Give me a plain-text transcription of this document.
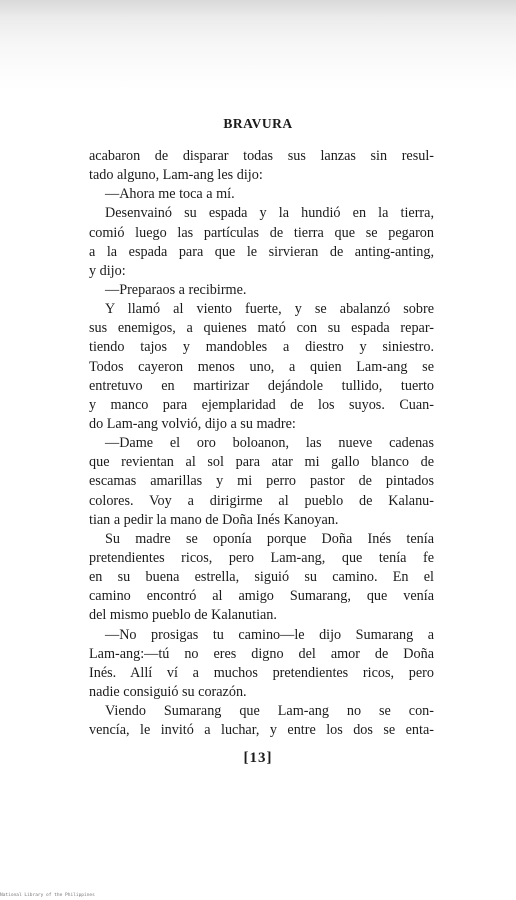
BRAVURA
acabaron de disparar todas sus lanzas sin resul-
tado alguno, Lam-ang les dijo:
—Ahora me toca a mí.
Desenvainó su espada y la hundió en la tierra,
comió luego las partículas de tierra que se pegaron
a la espada para que le sirvieran de anting-anting,
y dijo:
—Preparaos a recibirme.
Y llamó al viento fuerte, y se abalanzó sobre
sus enemigos, a quienes mató con su espada repar-
tiendo tajos y mandobles a diestro y siniestro.
Todos cayeron menos uno, a quien Lam-ang se
entretuvo en martirizar dejándole tullido, tuerto
y manco para ejemplaridad de los suyos. Cuan-
do Lam-ang volvió, dijo a su madre:
—Dame el oro boloanon, las nueve cadenas
que revientan al sol para atar mi gallo blanco de
escamas amarillas y mi perro pastor de pintados
colores. Voy a dirigirme al pueblo de Kalanu-
tian a pedir la mano de Doña Inés Kanoyan.
Su madre se oponía porque Doña Inés tenía
pretendientes ricos, pero Lam-ang, que tenía fe
en su buena estrella, siguió su camino. En el
camino encontró al amigo Sumarang, que venía
del mismo pueblo de Kalanutian.
—No prosigas tu camino—le dijo Sumarang a
Lam-ang:—tú no eres digno del amor de Doña
Inés. Allí ví a muchos pretendientes ricos, pero
nadie consiguió su corazón.
Viendo Sumarang que Lam-ang no se con-
vencía, le invitó a luchar, y entre los dos se enta-
[13]
National Library of the Philippines
